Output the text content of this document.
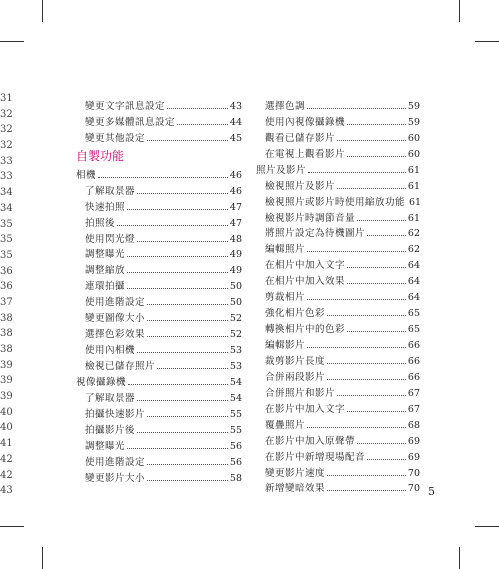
31
32
32
32
33
33
34
34
35
35
35
36
36
37
38
38
38
39
39
39
40
40
41
42
42
43
變更文字訊息設定	43
變更多媒體訊息設定	44
變更其他設定	45
自製功能
相機	46
了解取景器	46
快速拍照	47
拍照後	47
使用閃光燈	48
調整曝光	49
調整縮放	49
連環拍攝	50
使用進階設定	50
變更圖像大小	52
選擇色彩效果	52
使用內相機	53
檢視已儲存照片	53
視像攝錄機	54
了解取景器	54
拍攝快速影片	55
拍攝影片後	55
調整曝光	56
使用進階設定	56
變更影片大小	58
選擇色調	59
使用內視像攝錄機	59
觀看已儲存影片	60
在電視上觀看影片	60
照片及影片	61
檢視照片及影片	61
檢視照片或影片時使用縮放功能 61
檢視影片時調節音量	61
將照片設定為待機圖片	62
編輯照片	62
在相片中加入文字	64
在相片中加入效果	64
剪裁相片	64
強化相片色彩	65
轉換相片中的色彩	65
編輯影片	66
裁剪影片長度	66
合併兩段影片	66
合併照片和影片	67
在影片中加入文字	67
覆疊照片	68
在影片中加入原聲帶	69
在影片中新增現場配音	69
變更影片速度	70
新增變暗效果	70 5
